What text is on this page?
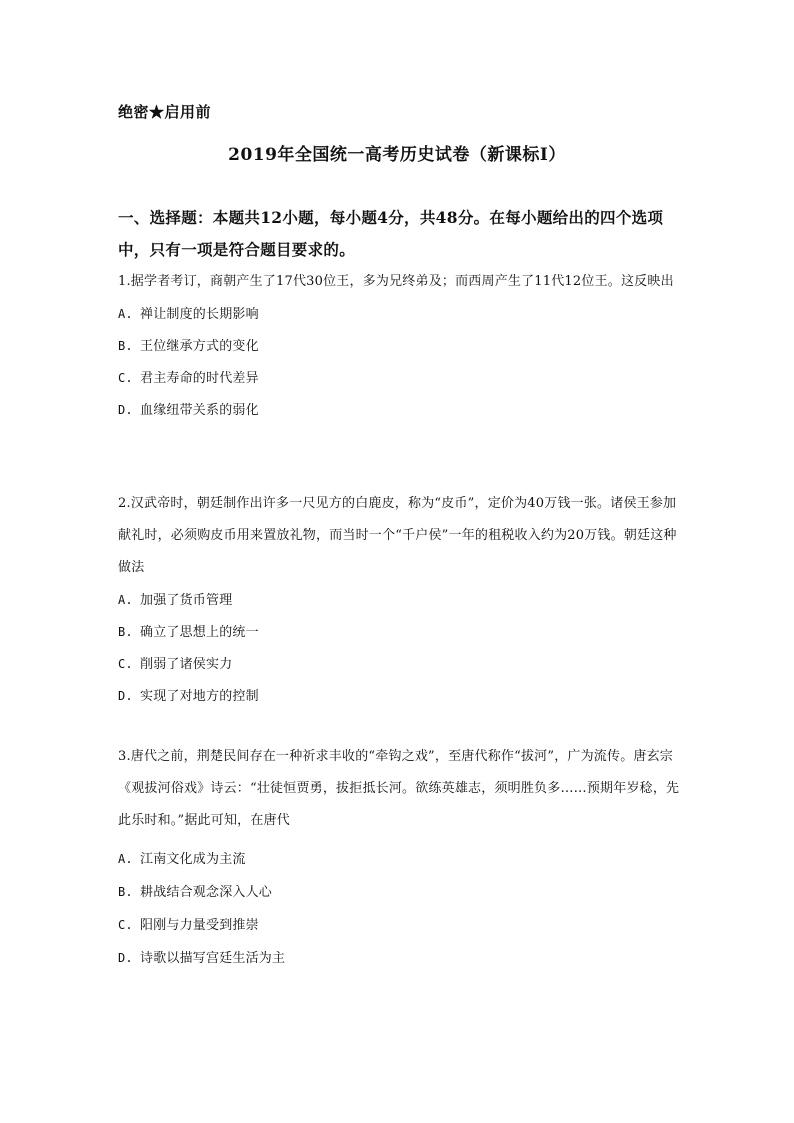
绝密★启用前
2019年全国统一高考历史试卷（新课标Ⅰ）
一、选择题：本题共12小题，每小题4分，共48分。在每小题给出的四个选项中，只有一项是符合题目要求的。

1.据学者考订，商朝产生了17代30位王，多为兄终弟及；而西周产生了11代12位王。这反映出

A. 禅让制度的长期影响

B. 王位继承方式的变化

C. 君主寿命的时代差异

D. 血缘纽带关系的弱化

2.汉武帝时，朝廷制作出许多一尺见方的白鹿皮，称为“皮币”，定价为40万钱一张。诸侯王参加献礼时，必须购皮币用来置放礼物，而当时一个“千户侯”一年的租税收入约为20万钱。朝廷这种做法

A. 加强了货币管理

B. 确立了思想上的统一

C. 削弱了诸侯实力

D. 实现了对地方的控制

3.唐代之前，荆楚民间存在一种祈求丰收的“牵钩之戏”，至唐代称作“拔河”，广为流传。唐玄宗《观拔河俗戏》诗云：“壮徒恒贾勇，拔拒抵长河。欲练英雄志，须明胜负多……预期年岁稔，先此乐时和。”据此可知，在唐代

A. 江南文化成为主流

B. 耕战结合观念深入人心

C. 阳刚与力量受到推崇

D. 诗歌以描写宫廷生活为主
